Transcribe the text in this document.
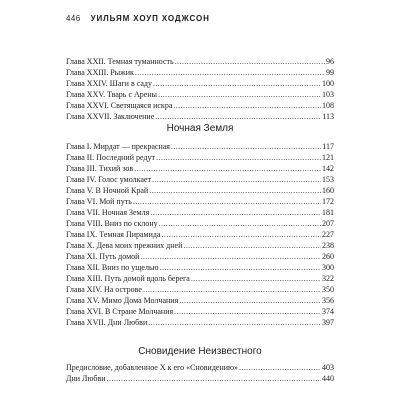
446 УИЛЬЯМ ХОУП ХОДЖСОН
Глава XXII. Темная туманность .....	96
Глава XXIII. Рыжик .....	99
Глава XXIV. Шаги в саду .....	100
Глава XXV. Тварь с Арены .....	103
Глава XXVI. Светящаяся искра .....	108
Глава XXVII. Заключение .....	113
Ночная Земля
Глава I. Мирдат — прекрасная .....	117
Глава II. Последний редут .....	121
Глава III. Тихий зов .....	142
Глава IV. Голос умолкает .....	153
Глава V. В Ночной Край .....	160
Глава VI. Мой путь .....	172
Глава VII. Ночная Земля .....	181
Глава VIII. Вниз по склону .....	207
Глава IX. Темная Пирамида .....	227
Глава X. Дева моих прежних дней .....	238
Глава XI. Путь домой .....	260
Глава XII. Вниз по ущелью .....	300
Глава XIII. Путь домой вдоль берега .....	322
Глава XIV. На острове .....	350
Глава XV. Мимо Дома Молчания .....	356
Глава XVI. В Стране Молчания .....	374
Глава XVII. Дни Любви .....	397
Сновидение Неизвестного
Предисловие, добавленное Х к его «Сновидению» .....	403
Дни Любви .....	440
